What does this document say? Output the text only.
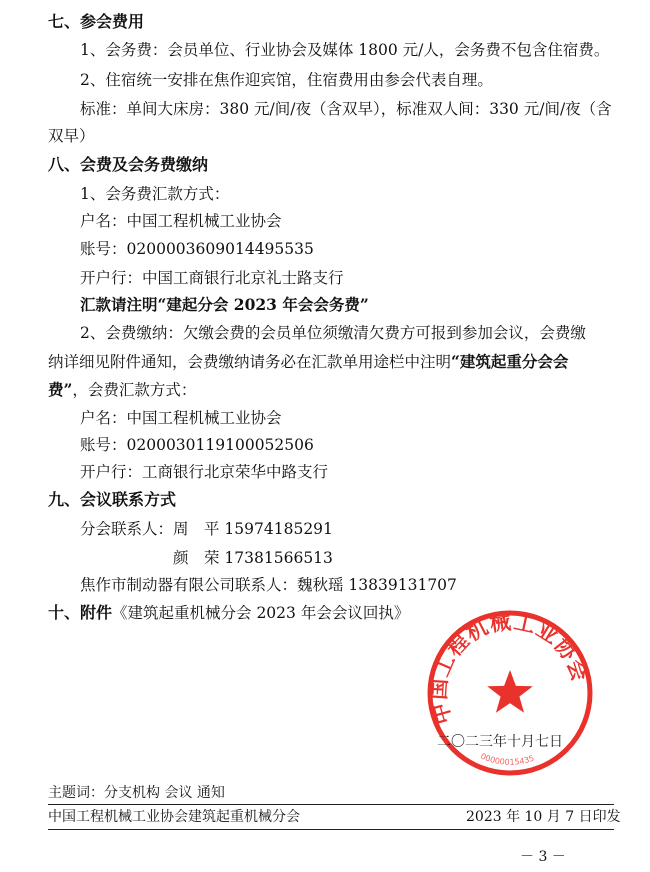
七、参会费用
1、会务费：会员单位、行业协会及媒体 1800 元/人，会务费不包含住宿费。
2、住宿统一安排在焦作迎宾馆，住宿费用由参会代表自理。
标准：单间大床房：380 元/间/夜（含双早），标准双人间：330 元/间/夜（含
双早）
八、会费及会务费缴纳
1、会务费汇款方式：
户名：中国工程机械工业协会
账号：0200003609014495535
开户行：中国工商银行北京礼士路支行
汇款请注明“建起分会 2023 年会会务费”
2、会费缴纳：欠缴会费的会员单位须缴清欠费方可报到参加会议，会费缴
纳详细见附件通知，会费缴纳请务必在汇款单用途栏中注明“建筑起重分会会
费”，会费汇款方式：
户名：中国工程机械工业协会
账号：0200030119100052506
开户行：工商银行北京荣华中路支行
九、会议联系方式
分会联系人：周　平 15974185291
颜　荣 17381566513
焦作市制动器有限公司联系人：魏秋瑶 13839131707
十、附件《建筑起重机械分会 2023 年会会议回执》
中国工程机械工业协会
00000015435
二〇二三年十月七日
主题词：分支机构 会议 通知
中国工程机械工业协会建筑起重机械分会	2023 年 10 月 7 日印发
－ 3 －
